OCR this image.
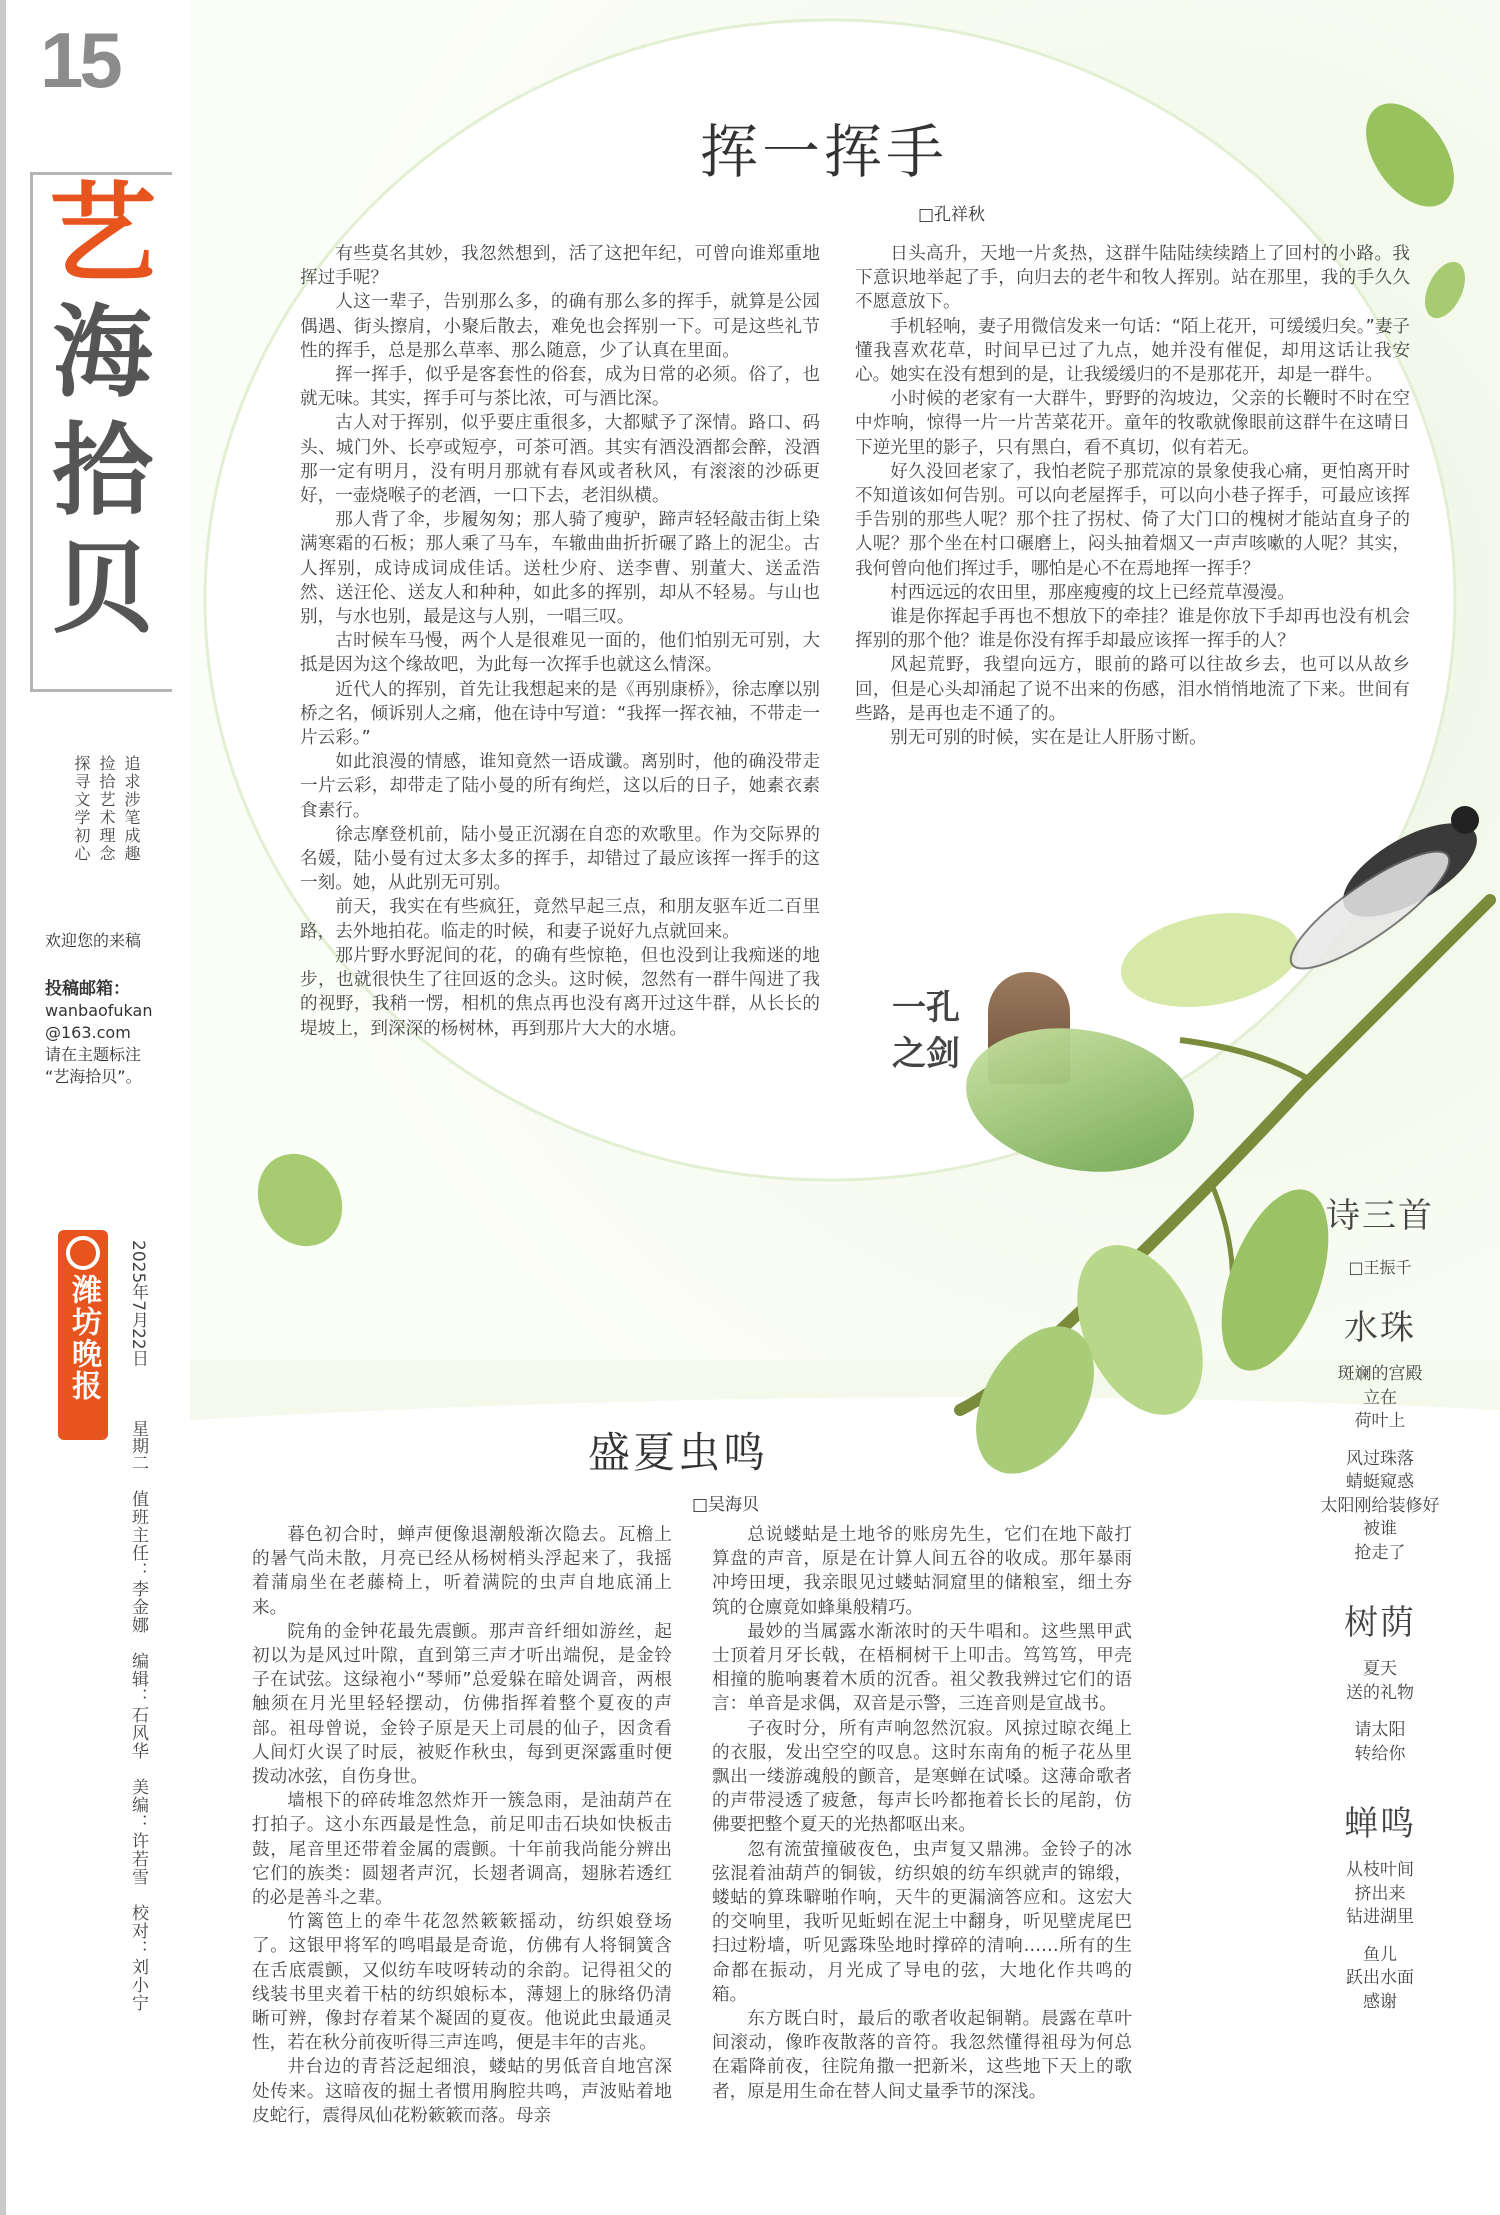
15
艺
海
拾
贝
追求涉笔成趣
捡拾艺术理念
探寻文学初心
欢迎您的来稿
投稿邮箱：
wanbaofukan
@163.com
请在主题标注
“艺海拾贝”。
潍坊晚报 2025年7月22日
星期二
值班主任：李金娜　编辑：石风华　美编：许若雪　校对：刘小宁
挥一挥手
□孔祥秋

有些莫名其妙，我忽然想到，活了这把年纪，可曾向谁郑重地挥过手呢？

人这一辈子，告别那么多，的确有那么多的挥手，就算是公园偶遇、街头擦肩，小聚后散去，难免也会挥别一下。可是这些礼节性的挥手，总是那么草率、那么随意，少了认真在里面。

挥一挥手，似乎是客套性的俗套，成为日常的必须。俗了，也就无味。其实，挥手可与茶比浓，可与酒比深。

古人对于挥别，似乎要庄重很多，大都赋予了深情。路口、码头、城门外、长亭或短亭，可茶可酒。其实有酒没酒都会醉，没酒那一定有明月，没有明月那就有春风或者秋风，有滚滚的沙砾更好，一壶烧喉子的老酒，一口下去，老泪纵横。

那人背了伞，步履匆匆；那人骑了瘦驴，蹄声轻轻敲击街上染满寒霜的石板；那人乘了马车，车辙曲曲折折碾了路上的泥尘。古人挥别，成诗成词成佳话。送杜少府、送李曹、别董大、送孟浩然、送汪伦、送友人和种种，如此多的挥别，却从不轻易。与山也别，与水也别，最是这与人别，一唱三叹。

古时候车马慢，两个人是很难见一面的，他们怕别无可别，大抵是因为这个缘故吧，为此每一次挥手也就这么情深。

近代人的挥别，首先让我想起来的是《再别康桥》，徐志摩以别桥之名，倾诉别人之痛，他在诗中写道：“我挥一挥衣袖，不带走一片云彩。”

如此浪漫的情感，谁知竟然一语成谶。离别时，他的确没带走一片云彩，却带走了陆小曼的所有绚烂，这以后的日子，她素衣素食素行。

徐志摩登机前，陆小曼正沉溺在自恋的欢歌里。作为交际界的名媛，陆小曼有过太多太多的挥手，却错过了最应该挥一挥手的这一刻。她，从此别无可别。

前天，我实在有些疯狂，竟然早起三点，和朋友驱车近二百里路，去外地拍花。临走的时候，和妻子说好九点就回来。

那片野水野泥间的花，的确有些惊艳，但也没到让我痴迷的地步，也就很快生了往回返的念头。这时候，忽然有一群牛闯进了我的视野，我稍一愣，相机的焦点再也没有离开过这牛群，从长长的堤坡上，到深深的杨树林，再到那片大大的水塘。

日头高升，天地一片炙热，这群牛陆陆续续踏上了回村的小路。我下意识地举起了手，向归去的老牛和牧人挥别。站在那里，我的手久久不愿意放下。

手机轻响，妻子用微信发来一句话：“陌上花开，可缓缓归矣。”妻子懂我喜欢花草，时间早已过了九点，她并没有催促，却用这话让我安心。她实在没有想到的是，让我缓缓归的不是那花开，却是一群牛。

小时候的老家有一大群牛，野野的沟坡边，父亲的长鞭时不时在空中炸响，惊得一片一片苦菜花开。童年的牧歌就像眼前这群牛在这晴日下逆光里的影子，只有黑白，看不真切，似有若无。

好久没回老家了，我怕老院子那荒凉的景象使我心痛，更怕离开时不知道该如何告别。可以向老屋挥手，可以向小巷子挥手，可最应该挥手告别的那些人呢？那个拄了拐杖、倚了大门口的槐树才能站直身子的人呢？那个坐在村口碾磨上，闷头抽着烟又一声声咳嗽的人呢？其实，我何曾向他们挥过手，哪怕是心不在焉地挥一挥手？

村西远远的农田里，那座瘦瘦的坟上已经荒草漫漫。

谁是你挥起手再也不想放下的牵挂？谁是你放下手却再也没有机会挥别的那个他？谁是你没有挥手却最应该挥一挥手的人？

风起荒野，我望向远方，眼前的路可以往故乡去，也可以从故乡回，但是心头却涌起了说不出来的伤感，泪水悄悄地流了下来。世间有些路，是再也走不通了的。

别无可别的时候，实在是让人肝肠寸断。

一孔
之剑
盛夏虫鸣
□吴海贝

暮色初合时，蝉声便像退潮般渐次隐去。瓦檐上的暑气尚未散，月亮已经从杨树梢头浮起来了，我摇着蒲扇坐在老藤椅上，听着满院的虫声自地底涌上来。

院角的金钟花最先震颤。那声音纤细如游丝，起初以为是风过叶隙，直到第三声才听出端倪，是金铃子在试弦。这绿袍小“琴师”总爱躲在暗处调音，两根触须在月光里轻轻摆动，仿佛指挥着整个夏夜的声部。祖母曾说，金铃子原是天上司晨的仙子，因贪看人间灯火误了时辰，被贬作秋虫，每到更深露重时便拨动冰弦，自伤身世。

墙根下的碎砖堆忽然炸开一簇急雨，是油葫芦在打拍子。这小东西最是性急，前足叩击石块如快板击鼓，尾音里还带着金属的震颤。十年前我尚能分辨出它们的族类：圆翅者声沉，长翅者调高，翅脉若透红的必是善斗之辈。

竹篱笆上的牵牛花忽然簌簌摇动，纺织娘登场了。这银甲将军的鸣唱最是奇诡，仿佛有人将铜簧含在舌底震颤，又似纺车吱呀转动的余韵。记得祖父的线装书里夹着干枯的纺织娘标本，薄翅上的脉络仍清晰可辨，像封存着某个凝固的夏夜。他说此虫最通灵性，若在秋分前夜听得三声连鸣，便是丰年的吉兆。

井台边的青苔泛起细浪，蝼蛄的男低音自地宫深处传来。这暗夜的掘土者惯用胸腔共鸣，声波贴着地皮蛇行，震得凤仙花粉簌簌而落。母亲

总说蝼蛄是土地爷的账房先生，它们在地下敲打算盘的声音，原是在计算人间五谷的收成。那年暴雨冲垮田埂，我亲眼见过蝼蛄洞窟里的储粮室，细土夯筑的仓廪竟如蜂巢般精巧。

最妙的当属露水渐浓时的天牛唱和。这些黑甲武士顶着月牙长戟，在梧桐树干上叩击。笃笃笃，甲壳相撞的脆响裹着木质的沉香。祖父教我辨过它们的语言：单音是求偶，双音是示警，三连音则是宣战书。

子夜时分，所有声响忽然沉寂。风掠过晾衣绳上的衣服，发出空空的叹息。这时东南角的栀子花丛里飘出一缕游魂般的颤音，是寒蝉在试嗓。这薄命歌者的声带浸透了疲惫，每声长吟都拖着长长的尾韵，仿佛要把整个夏天的光热都呕出来。

忽有流萤撞破夜色，虫声复又鼎沸。金铃子的冰弦混着油葫芦的铜钹，纺织娘的纺车织就声的锦缎，蝼蛄的算珠噼啪作响，天牛的更漏滴答应和。这宏大的交响里，我听见蚯蚓在泥土中翻身，听见壁虎尾巴扫过粉墙，听见露珠坠地时撑碎的清响……所有的生命都在振动，月光成了导电的弦，大地化作共鸣的箱。

东方既白时，最后的歌者收起铜鞘。晨露在草叶间滚动，像昨夜散落的音符。我忽然懂得祖母为何总在霜降前夜，往院角撒一把新米，这些地下天上的歌者，原是用生命在替人间丈量季节的深浅。

诗三首
□王振千
水珠
斑斓的宫殿
立在
荷叶上
风过珠落
蜻蜓窥惑
太阳刚给装修好
被谁
抢走了
树荫
夏天
送的礼物
请太阳
转给你
蝉鸣
从枝叶间
挤出来
钻进湖里
鱼儿
跃出水面
感谢
